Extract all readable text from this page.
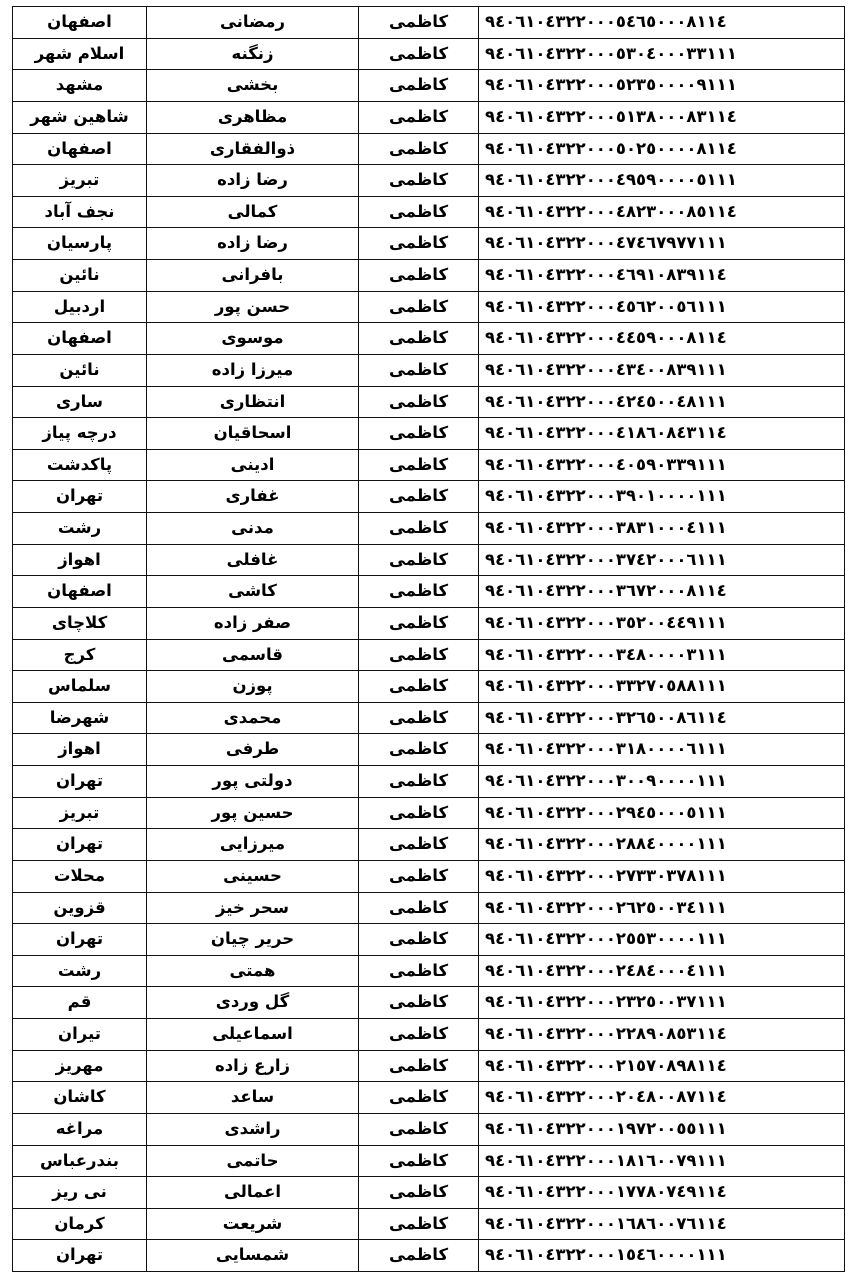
اصفهان	رمضانی	کاظمی	۹٤۰٦۱۰٤۳۲۲۰۰۰٥٤٦٥۰۰۰۸۱۱٤
اسلام شهر	زنگنه	کاظمی	۹٤۰٦۱۰٤۳۲۲۰۰۰٥۳۰٤۰۰۰۳۳۱۱۱
مشهد	بخشی	کاظمی	۹٤۰٦۱۰٤۳۲۲۰۰۰٥۲۳٥۰۰۰۰۹۱۱۱
شاهین شهر	مظاهری	کاظمی	۹٤۰٦۱۰٤۳۲۲۰۰۰٥۱۳۸۰۰۰۸۳۱۱٤
اصفهان	ذوالفقاری	کاظمی	۹٤۰٦۱۰٤۳۲۲۰۰۰٥۰۲٥۰۰۰۰۸۱۱٤
تبریز	رضا زاده	کاظمی	۹٤۰٦۱۰٤۳۲۲۰۰۰٤۹٥۹۰۰۰۰٥۱۱۱
نجف آباد	کمالی	کاظمی	۹٤۰٦۱۰٤۳۲۲۰۰۰٤۸۲۳۰۰۰۸٥۱۱٤
پارسیان	رضا زاده	کاظمی	۹٤۰٦۱۰٤۳۲۲۰۰۰٤۷٤٦۷۹۷۷۱۱۱
نائین	بافرانی	کاظمی	۹٤۰٦۱۰٤۳۲۲۰۰۰٤٦۹۱۰۸۳۹۱۱٤
اردبیل	حسن پور	کاظمی	۹٤۰٦۱۰٤۳۲۲۰۰۰٤٥٦۲۰۰٥٦۱۱۱
اصفهان	موسوی	کاظمی	۹٤۰٦۱۰٤۳۲۲۰۰۰٤٤٥۹۰۰۰۸۱۱٤
نائین	میرزا زاده	کاظمی	۹٤۰٦۱۰٤۳۲۲۰۰۰٤۳٤۰۰۸۳۹۱۱۱
ساری	انتظاری	کاظمی	۹٤۰٦۱۰٤۳۲۲۰۰۰٤۲٤٥۰۰٤۸۱۱۱
درچه پیاز	اسحاقیان	کاظمی	۹٤۰٦۱۰٤۳۲۲۰۰۰٤۱۸٦۰۸٤۳۱۱٤
پاکدشت	ادینی	کاظمی	۹٤۰٦۱۰٤۳۲۲۰۰۰٤۰٥۹۰۳۳۹۱۱۱
تهران	غفاری	کاظمی	۹٤۰٦۱۰٤۳۲۲۰۰۰۳۹۰۱۰۰۰۰۱۱۱
رشت	مدنی	کاظمی	۹٤۰٦۱۰٤۳۲۲۰۰۰۳۸۳۱۰۰۰٤۱۱۱
اهواز	غافلی	کاظمی	۹٤۰٦۱۰٤۳۲۲۰۰۰۳۷٤۲۰۰۰٦۱۱۱
اصفهان	کاشی	کاظمی	۹٤۰٦۱۰٤۳۲۲۰۰۰۳٦۷۲۰۰۰۸۱۱٤
کلاچای	صفر زاده	کاظمی	۹٤۰٦۱۰٤۳۲۲۰۰۰۳٥۲۰۰٤٤۹۱۱۱
کرج	قاسمی	کاظمی	۹٤۰٦۱۰٤۳۲۲۰۰۰۳٤۸۰۰۰۰۳۱۱۱
سلماس	پوزن	کاظمی	۹٤۰٦۱۰٤۳۲۲۰۰۰۳۳۲۷۰٥۸۸۱۱۱
شهرضا	محمدی	کاظمی	۹٤۰٦۱۰٤۳۲۲۰۰۰۳۲٦٥۰۰۸٦۱۱٤
اهواز	طرفی	کاظمی	۹٤۰٦۱۰٤۳۲۲۰۰۰۳۱۸۰۰۰۰٦۱۱۱
تهران	دولتی پور	کاظمی	۹٤۰٦۱۰٤۳۲۲۰۰۰۳۰۰۹۰۰۰۰۱۱۱
تبریز	حسین پور	کاظمی	۹٤۰٦۱۰٤۳۲۲۰۰۰۲۹٤٥۰۰۰٥۱۱۱
تهران	میرزایی	کاظمی	۹٤۰٦۱۰٤۳۲۲۰۰۰۲۸۸٤۰۰۰۰۱۱۱
محلات	حسینی	کاظمی	۹٤۰٦۱۰٤۳۲۲۰۰۰۲۷۳۳۰۳۷۸۱۱۱
قزوین	سحر خیز	کاظمی	۹٤۰٦۱۰٤۳۲۲۰۰۰۲٦۲٥۰۰۳٤۱۱۱
تهران	حریر چیان	کاظمی	۹٤۰٦۱۰٤۳۲۲۰۰۰۲٥٥۳۰۰۰۰۱۱۱
رشت	همتی	کاظمی	۹٤۰٦۱۰٤۳۲۲۰۰۰۲٤۸٤۰۰۰٤۱۱۱
قم	گل وردی	کاظمی	۹٤۰٦۱۰٤۳۲۲۰۰۰۲۳۲٥۰۰۳۷۱۱۱
تیران	اسماعیلی	کاظمی	۹٤۰٦۱۰٤۳۲۲۰۰۰۲۲۸۹۰۸٥۳۱۱٤
مهریز	زارع زاده	کاظمی	۹٤۰٦۱۰٤۳۲۲۰۰۰۲۱٥۷۰۸۹۸۱۱٤
کاشان	ساعد	کاظمی	۹٤۰٦۱۰٤۳۲۲۰۰۰۲۰٤۸۰۰۸۷۱۱٤
مراغه	راشدی	کاظمی	۹٤۰٦۱۰٤۳۲۲۰۰۰۱۹۷۲۰۰٥٥۱۱۱
بندرعباس	حاتمی	کاظمی	۹٤۰٦۱۰٤۳۲۲۰۰۰۱۸۱٦۰۰۷۹۱۱۱
نی ریز	اعمالی	کاظمی	۹٤۰٦۱۰٤۳۲۲۰۰۰۱۷۷۸۰۷٤۹۱۱٤
کرمان	شریعت	کاظمی	۹٤۰٦۱۰٤۳۲۲۰۰۰۱٦۸٦۰۰۷٦۱۱٤
تهران	شمسایی	کاظمی	۹٤۰٦۱۰٤۳۲۲۰۰۰۱٥٤٦۰۰۰۰۱۱۱
